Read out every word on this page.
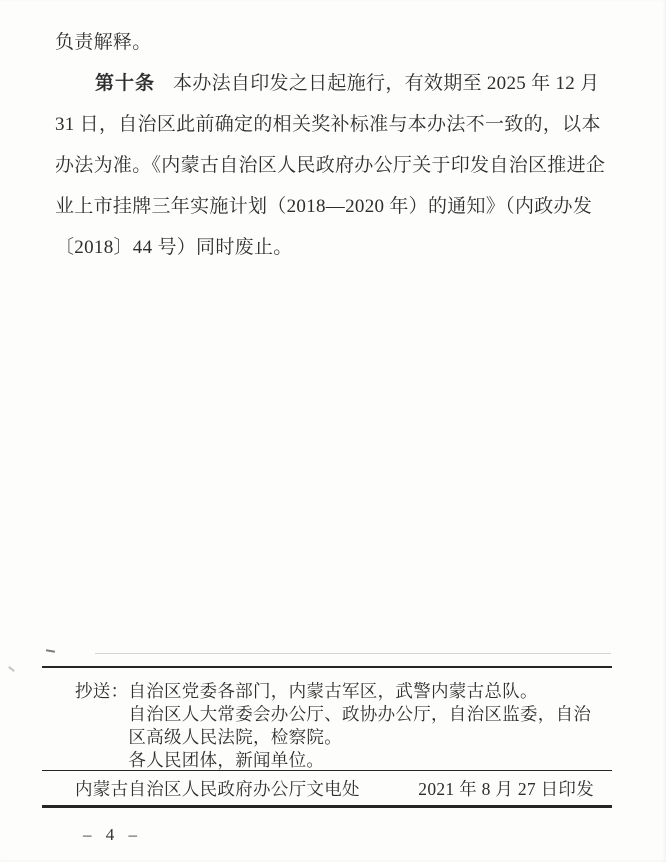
负责解释。
第十条 本办法自印发之日起施行，有效期至 2025 年 12 月
31 日，自治区此前确定的相关奖补标准与本办法不一致的，以本
办法为准。《内蒙古自治区人民政府办公厅关于印发自治区推进企
业上市挂牌三年实施计划（2018—2020 年）的通知》（内政办发
〔2018〕44 号）同时废止。
抄送： 自治区党委各部门，内蒙古军区，武警内蒙古总队。
自治区人大常委会办公厅、政协办公厅，自治区监委，自治
区高级人民法院，检察院。
各人民团体，新闻单位。
内蒙古自治区人民政府办公厅文电处	2021 年 8 月 27 日印发
– 4 –
